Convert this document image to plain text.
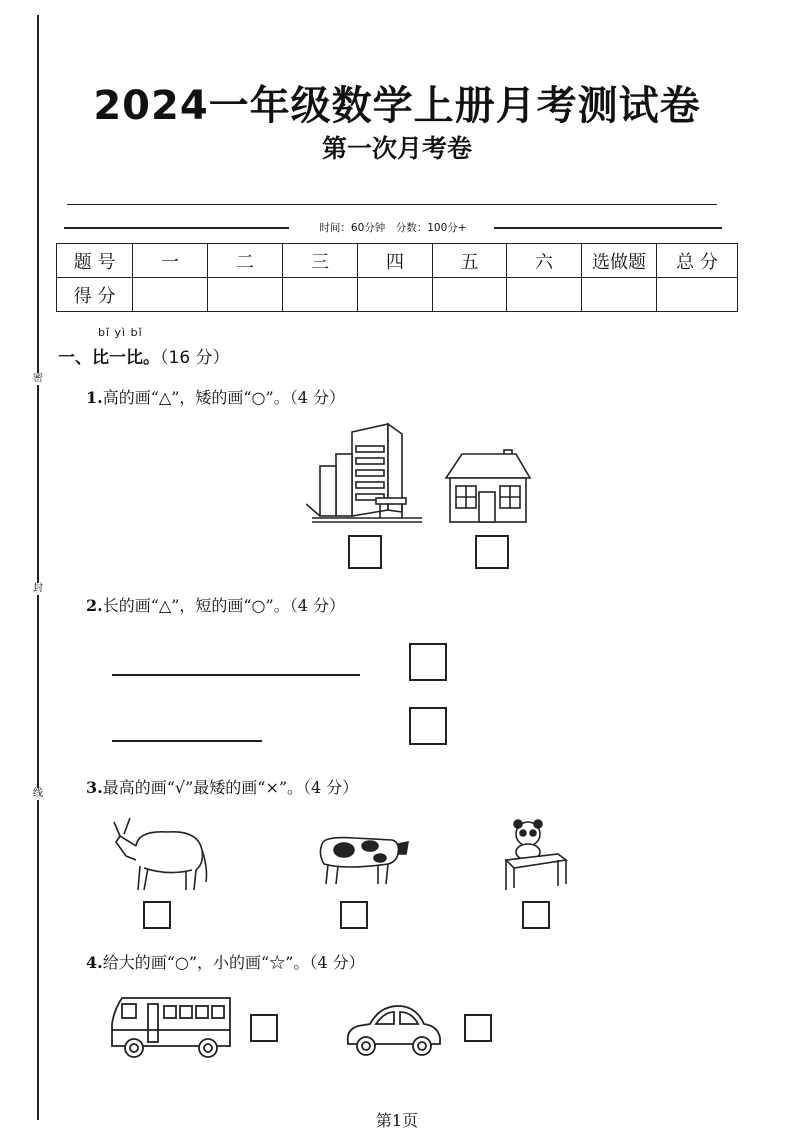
密
封
线
2024一年级数学上册月考测试卷
第一次月考卷
时间：60分钟　分数：100分+
题 号	一	二	三	四	五	六	选做题	总 分
得 分								
bǐ yì bǐ
一、比一比。（16 分）
1.高的画“△”，矮的画“○”。（4 分）
2.长的画“△”，短的画“○”。（4 分）
3.最高的画“√”最矮的画“×”。（4 分）
4.给大的画“○”，小的画“☆”。（4 分）
第1页
